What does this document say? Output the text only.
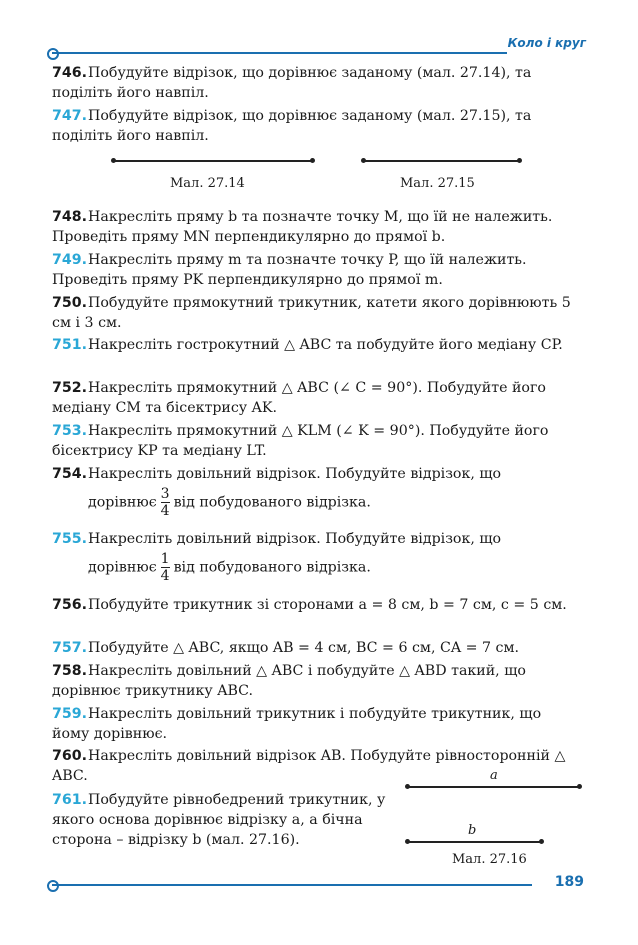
Коло і круг
746.Побудуйте відрізок, що дорівнює заданому (мал. 27.14), та поділіть його навпіл.
747.Побудуйте відрізок, що дорівнює заданому (мал. 27.15), та поділіть його навпіл.
Мал. 27.14	Мал. 27.15
748.Накресліть пряму b та позначте точку M, що їй не належить. Проведіть пряму MN перпендикулярно до прямої b.
749.Накресліть пряму m та позначте точку P, що їй належить. Проведіть пряму PK перпендикулярно до прямої m.
750.Побудуйте прямокутний трикутник, катети якого дорівнюють 5 см і 3 см.
751.Накресліть гострокутний △ ABC та побудуйте його медіану CP.
752.Накресліть прямокутний △ ABC (∠ C = 90°). Побудуйте його медіану CM та бісектрису AK.
753.Накресліть прямокутний △ KLM (∠ K = 90°). Побудуйте його бісектрису KP та медіану LT.
754.Накресліть довільний відрізок. Побудуйте відрізок, що
дорівнює $\frac{3}{4}$ від побудованого відрізка.
755.Накресліть довільний відрізок. Побудуйте відрізок, що
дорівнює $\frac{1}{4}$ від побудованого відрізка.
756.Побудуйте трикутник зі сторонами a = 8 см, b = 7 см, c = 5 см.
757.Побудуйте △ ABC, якщо AB = 4 см, BC = 6 см, CA = 7 см.
758.Накресліть довільний △ ABC і побудуйте △ ABD такий, що дорівнює трикутнику ABC.
759.Накресліть довільний трикутник і побудуйте трикутник, що йому дорівнює.
760.Накресліть довільний відрізок AB. Побудуйте рівносторонній △ ABC.
761.Побудуйте рівнобедрений трикутник, у якого основа дорівнює відрізку a, а бічна сторона – відрізку b (мал. 27.16).
a
b
Мал. 27.16
189
